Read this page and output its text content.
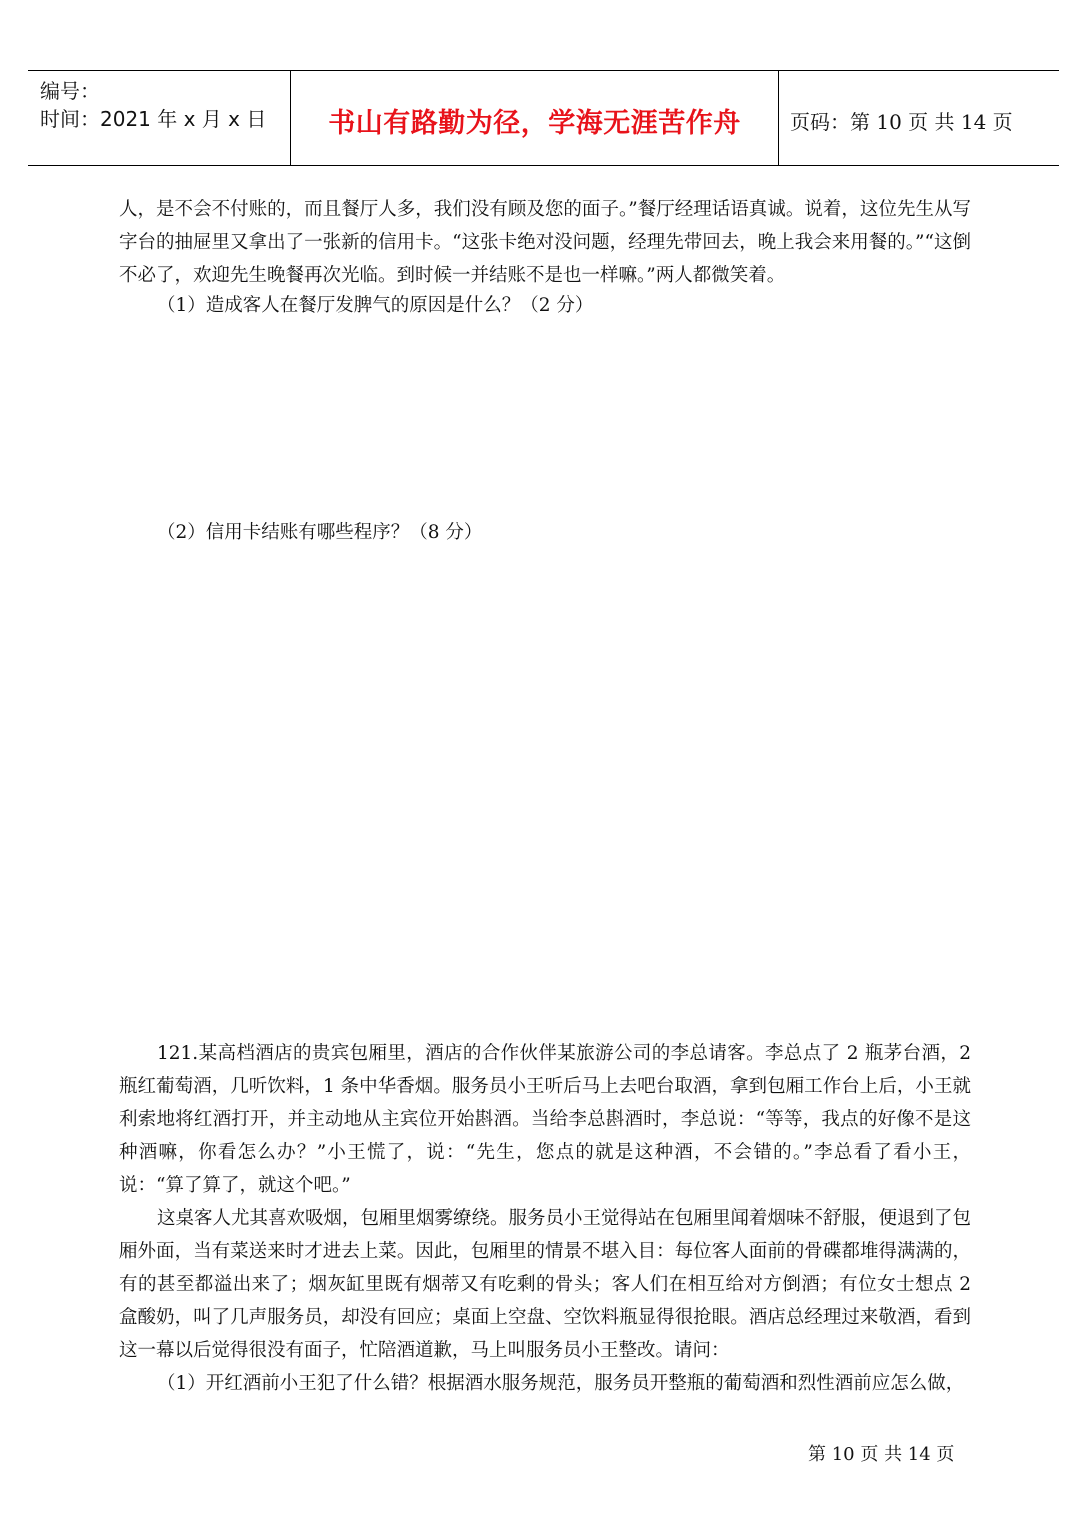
编号：
时间：2021 年 x 月 x 日	书山有路勤为径，学海无涯苦作舟	页码：第 10 页 共 14 页

人，是不会不付账的，而且餐厅人多，我们没有顾及您的面子。”餐厅经理话语真诚。说着，这位先生从写字台的抽屉里又拿出了一张新的信用卡。“这张卡绝对没问题，经理先带回去，晚上我会来用餐的。”“这倒不必了，欢迎先生晚餐再次光临。到时候一并结账不是也一样嘛。”两人都微笑着。

（1）造成客人在餐厅发脾气的原因是什么？（2 分）

（2）信用卡结账有哪些程序？（8 分）

121.某高档酒店的贵宾包厢里，酒店的合作伙伴某旅游公司的李总请客。李总点了 2 瓶茅台酒，2 瓶红葡萄酒，几听饮料，1 条中华香烟。服务员小王听后马上去吧台取酒，拿到包厢工作台上后，小王就利索地将红酒打开，并主动地从主宾位开始斟酒。当给李总斟酒时，李总说：“等等，我点的好像不是这种酒嘛，你看怎么办？”小王慌了，说：“先生，您点的就是这种酒，不会错的。”李总看了看小王，说：“算了算了，就这个吧。”

这桌客人尤其喜欢吸烟，包厢里烟雾缭绕。服务员小王觉得站在包厢里闻着烟味不舒服，便退到了包厢外面，当有菜送来时才进去上菜。因此，包厢里的情景不堪入目：每位客人面前的骨碟都堆得满满的，有的甚至都溢出来了；烟灰缸里既有烟蒂又有吃剩的骨头；客人们在相互给对方倒酒；有位女士想点 2 盒酸奶，叫了几声服务员，却没有回应；桌面上空盘、空饮料瓶显得很抢眼。酒店总经理过来敬酒，看到这一幕以后觉得很没有面子，忙陪酒道歉，马上叫服务员小王整改。请问：

（1）开红酒前小王犯了什么错？根据酒水服务规范，服务员开整瓶的葡萄酒和烈性酒前应怎么做，

第 10 页 共 14 页
